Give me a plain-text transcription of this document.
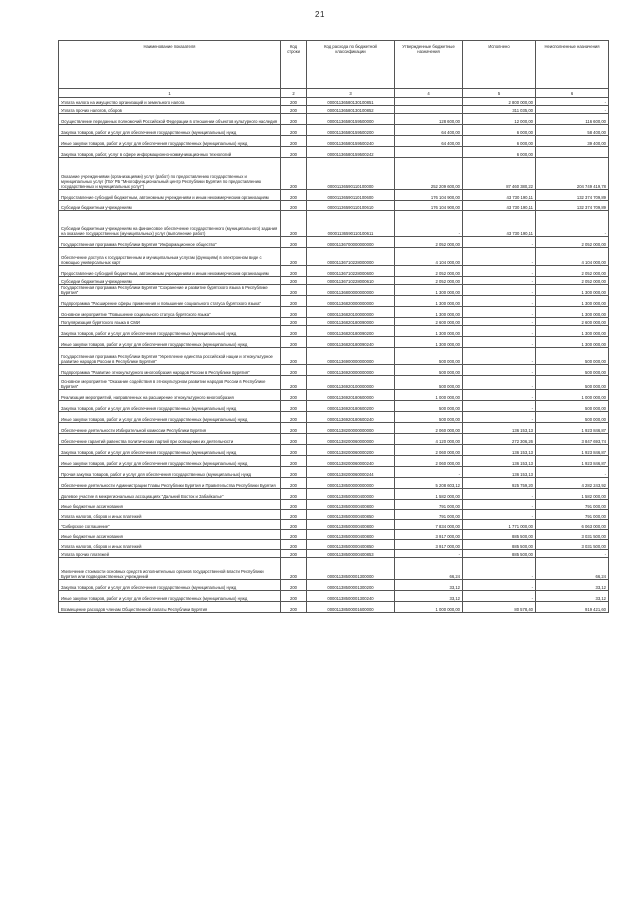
21
Наименование показателя	Код строки	Код расхода по бюджетной классификации	Утвержденные бюджетные назначения	Исполнено	Неисполненные назначения
1	2	3	4	5	6
Уплата налога на имущество организаций и земельного налога	200	00001136580130100851		2 800 000,00	-
Уплата прочих налогов, сборов	200	00001136580130100852		311 035,00	-
Осуществление переданных полномочий Российской Федерации в отношении объектов культурного наследия	200	00001136580159500000	128 600,00	12 000,00	116 600,00
Закупка товаров, работ и услуг для обеспечения государственных (муниципальных) нужд	200	00001136580159500200	64 400,00	6 000,00	58 400,00
Иные закупки товаров, работ и услуг для обеспечения государственных (муниципальных) нужд	200	00001136580159500240	64 400,00	6 000,00	39 400,00
Закупка товаров, работ, услуг в сфере информационно-коммуникационных технологий	200	00001136580159500242		6 000,00	
Оказание учреждениями (организациями) услуг (работ) по предоставлению государственных и муниципальных услуг (ГБУ РБ "Многофункциональный центр Республики Бурятия по предоставлению государственных и муниципальных услуг")	200	00001136590110100000	252 209 600,00	87 460 380,22	204 749 419,78
Предоставление субсидий бюджетным, автономным учреждениям и иным некоммерческим организациям	200	00001136590110100600	176 104 900,00	43 730 190,11	132 374 709,89
Субсидии бюджетным учреждениям	200	00001136590110100610	176 104 900,00	43 730 190,11	132 374 709,89
Субсидии бюджетным учреждениям на финансовое обеспечение государственного (муниципального) задания на оказание государственных (муниципальных) услуг (выполнение работ)	200	00001136590110100611	-	43 730 190,11	-
Государственная программа Республики Бурятия "Информационное общество"	200	00001136700000000000	2 052 000,00	-	2 052 000,00
Обеспечение доступа к государственным и муниципальным услугам (функциям) в электронном виде с помощью универсальных карт	200	00001136710228000000	4 104 000,00	-	4 104 000,00
Предоставление субсидий бюджетным, автономным учреждениям и иным некоммерческим организациям	200	00001136710228000600	2 052 000,00	-	2 052 000,00
Субсидии бюджетным учреждениям	200	00001136710228000610	2 052 000,00	-	2 052 000,00
Государственная программа Республики Бурятия "Сохранение и развитие бурятского языка в Республике Бурятия"	200	00001136800000000000	1 300 000,00	-	1 300 000,00
Подпрограмма "Расширение сферы применения и повышение социального статуса бурятского языка"	200	00001136820000000000	1 300 000,00	-	1 300 000,00
Основное мероприятие "Повышение социального статуса бурятского языка"	200	00001136820100000000	1 300 000,00	-	1 300 000,00
Популяризация бурятского языка в СМИ	200	00001136820180090000	2 600 000,00	-	2 600 000,00
Закупка товаров, работ и услуг для обеспечения государственных (муниципальных) нужд	200	00001136820180090200	1 300 000,00	-	1 300 000,00
Иные закупки товаров, работ и услуг для обеспечения государственных (муниципальных) нужд	200	00001136820180090240	1 300 000,00	-	1 300 000,00
Государственная программа Республики Бурятия "Укрепление единства российской нации и этнокультурное развитие народов России в Республике Бурятия"	200	00001136900000000000	500 000,00	-	500 000,00
Подпрограмма "Развитие этнокультурного многообразия народов России в Республике Бурятия"	200	00001136920000000000	500 000,00	-	500 000,00
Основное мероприятие "Оказание содействия в этнокультурном развитии народов России в Республике Бурятия"	200	00001136920100000000	500 000,00	-	500 000,00
Реализация мероприятий, направленных на расширение этнокультурного многообразия	200	00001136920180600000	1 000 000,00	-	1 000 000,00
Закупка товаров, работ и услуг для обеспечения государственных (муниципальных) нужд	200	00001136920180600200	500 000,00	-	500 000,00
Иные закупки товаров, работ и услуг для обеспечения государственных (муниципальных) нужд	200	00001136920180600240	500 000,00	-	500 000,00
Обеспечение деятельности Избирательной комиссии Республики Бурятия	200	00001138200000000000	2 060 000,00	136 153,13	1 923 846,87
Обеспечение гарантий равенства политических партий при освещении их деятельности	200	00001138200060000000	4 120 000,00	272 306,26	3 847 693,74
Закупка товаров, работ и услуг для обеспечения государственных (муниципальных) нужд	200	00001138200060000200	2 060 000,00	136 153,13	1 923 846,87
Иные закупки товаров, работ и услуг для обеспечения государственных (муниципальных) нужд	200	00001138200060000240	2 060 000,00	136 153,13	1 923 846,87
Прочая закупка товаров, работ и услуг для обеспечения государственных (муниципальных) нужд	200	00001138200060000244	-	136 153,13	-
Обеспечение деятельности Администрации Главы Республики Бурятия и Правительства Республики Бурятия	200	00001138500000000000	5 208 603,12	925 759,20	4 282 243,92
Долевое участие в межрегиональных ассоциациях "Дальний Восток и Забайкалье"	200	00001138500000400000	1 582 000,00	-	1 582 000,00
Иные бюджетные ассигнования	200	00001138500000400800	791 000,00	-	791 000,00
Уплата налогов, сборов и иных платежей	200	00001138500000400850	791 000,00	-	791 000,00
"Сибирское соглашение"	200	00001138500000400800	7 834 000,00	1 771 000,00	6 063 000,00
Иные бюджетные ассигнования	200	00001138500000400800	3 917 000,00	885 500,00	3 031 500,00
Уплата налогов, сборов и иных платежей	200	00001138500000400850	3 917 000,00	885 500,00	3 031 500,00
Уплата прочих платежей	200	00001138500000400853	-	885 500,00	-
Увеличение стоимости основных средств исполнительных органов государственной власти Республики Бурятия или подведомственных учреждений	200	00001138500001300000	66,24	-	66,24
Закупка товаров, работ и услуг для обеспечения государственных (муниципальных) нужд	200	00001138500001300200	33,12	-	33,12
Иные закупки товаров, работ и услуг для обеспечения государственных (муниципальных) нужд	200	00001138500001300240	33,12	-	33,12
Возмещение расходов членам Общественной палаты Республики Бурятия	200	00001138500001600000	1 000 000,00	80 578,40	919 421,60
